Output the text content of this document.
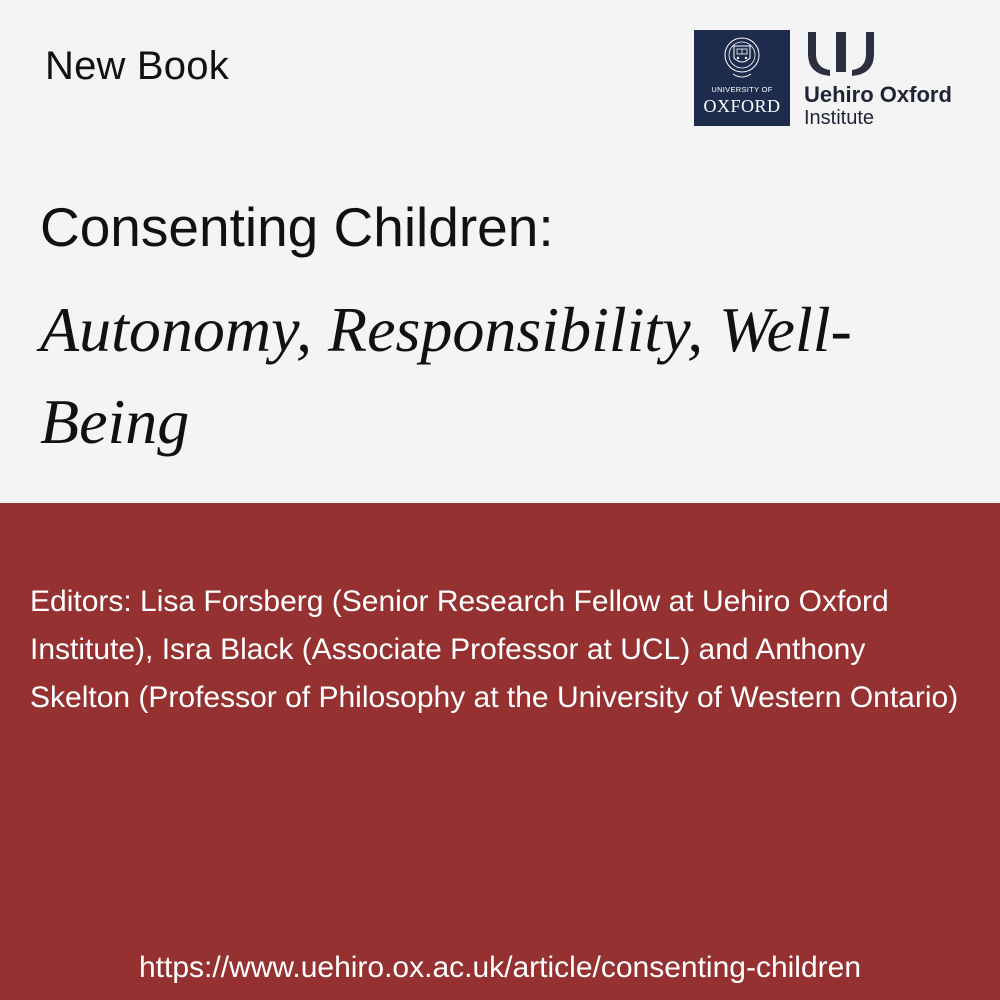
New Book
UNIVERSITY OF
OXFORD	Uehiro Oxford
Institute
Consenting Children:
Autonomy, Responsibility, Well-Being
Editors: Lisa Forsberg (Senior Research Fellow at Uehiro Oxford Institute), Isra Black (Associate Professor at UCL) and Anthony Skelton (Professor of Philosophy at the University of Western Ontario)
https://www.uehiro.ox.ac.uk/article/consenting-children
